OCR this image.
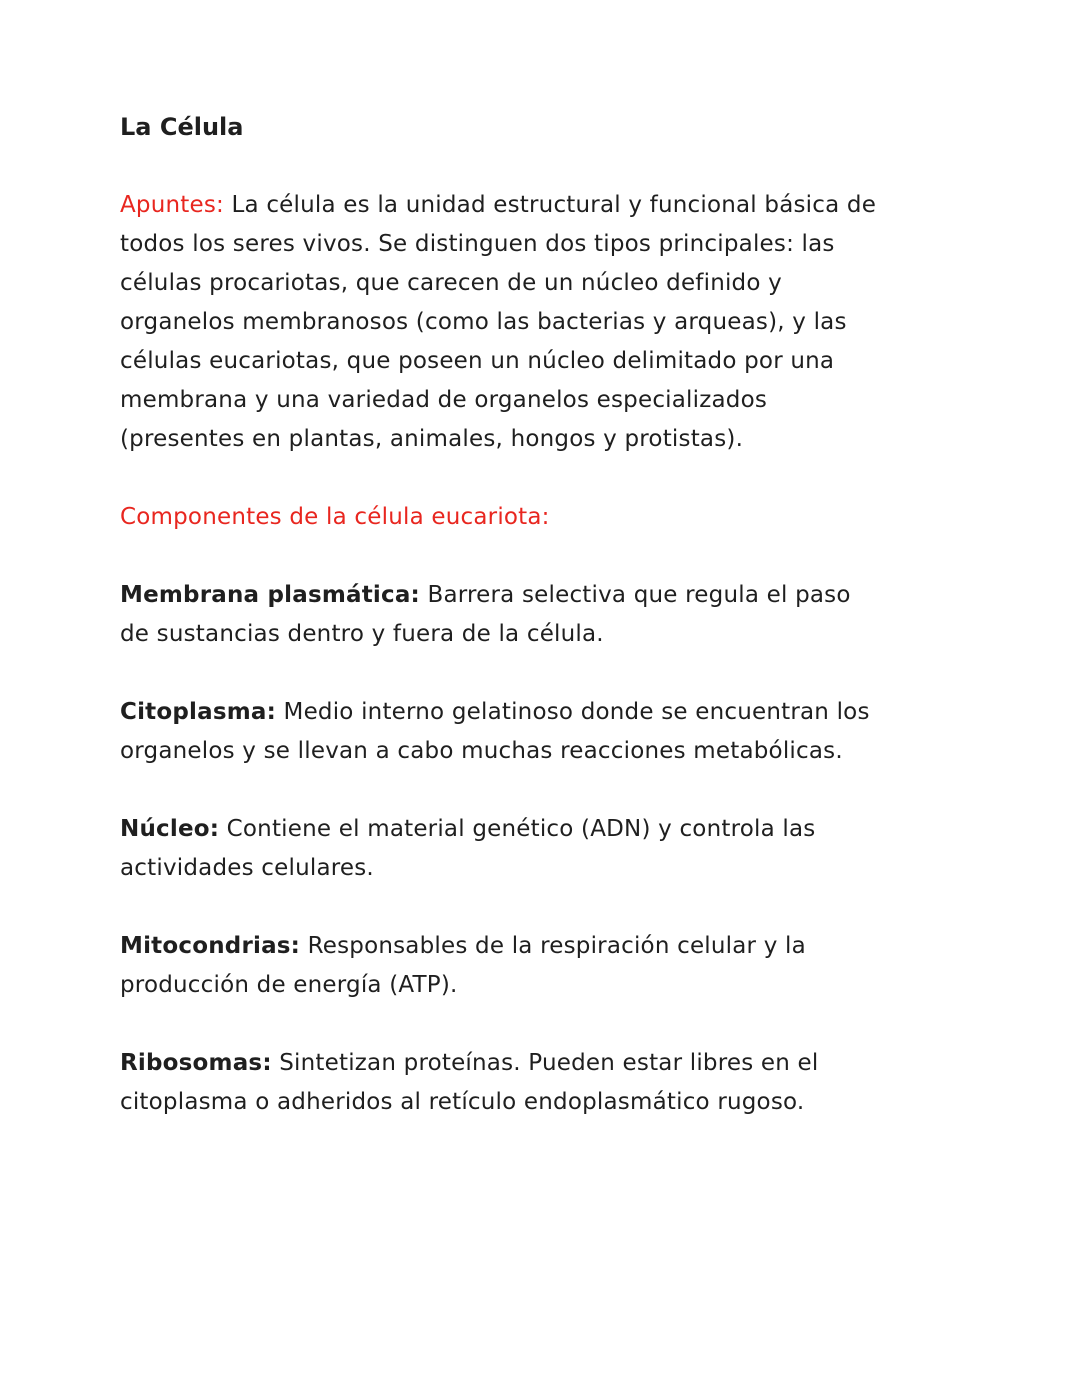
La Célula

Apuntes: La célula es la unidad estructural y funcional básica de todos los seres vivos. Se distinguen dos tipos principales: las células procariotas, que carecen de un núcleo definido y organelos membranosos (como las bacterias y arqueas), y las células eucariotas, que poseen un núcleo delimitado por una membrana y una variedad de organelos especializados (presentes en plantas, animales, hongos y protistas).

Componentes de la célula eucariota:

Membrana plasmática: Barrera selectiva que regula el paso de sustancias dentro y fuera de la célula.

Citoplasma: Medio interno gelatinoso donde se encuentran los organelos y se llevan a cabo muchas reacciones metabólicas.

Núcleo: Contiene el material genético (ADN) y controla las actividades celulares.

Mitocondrias: Responsables de la respiración celular y la producción de energía (ATP).

Ribosomas: Sintetizan proteínas. Pueden estar libres en el citoplasma o adheridos al retículo endoplasmático rugoso.
